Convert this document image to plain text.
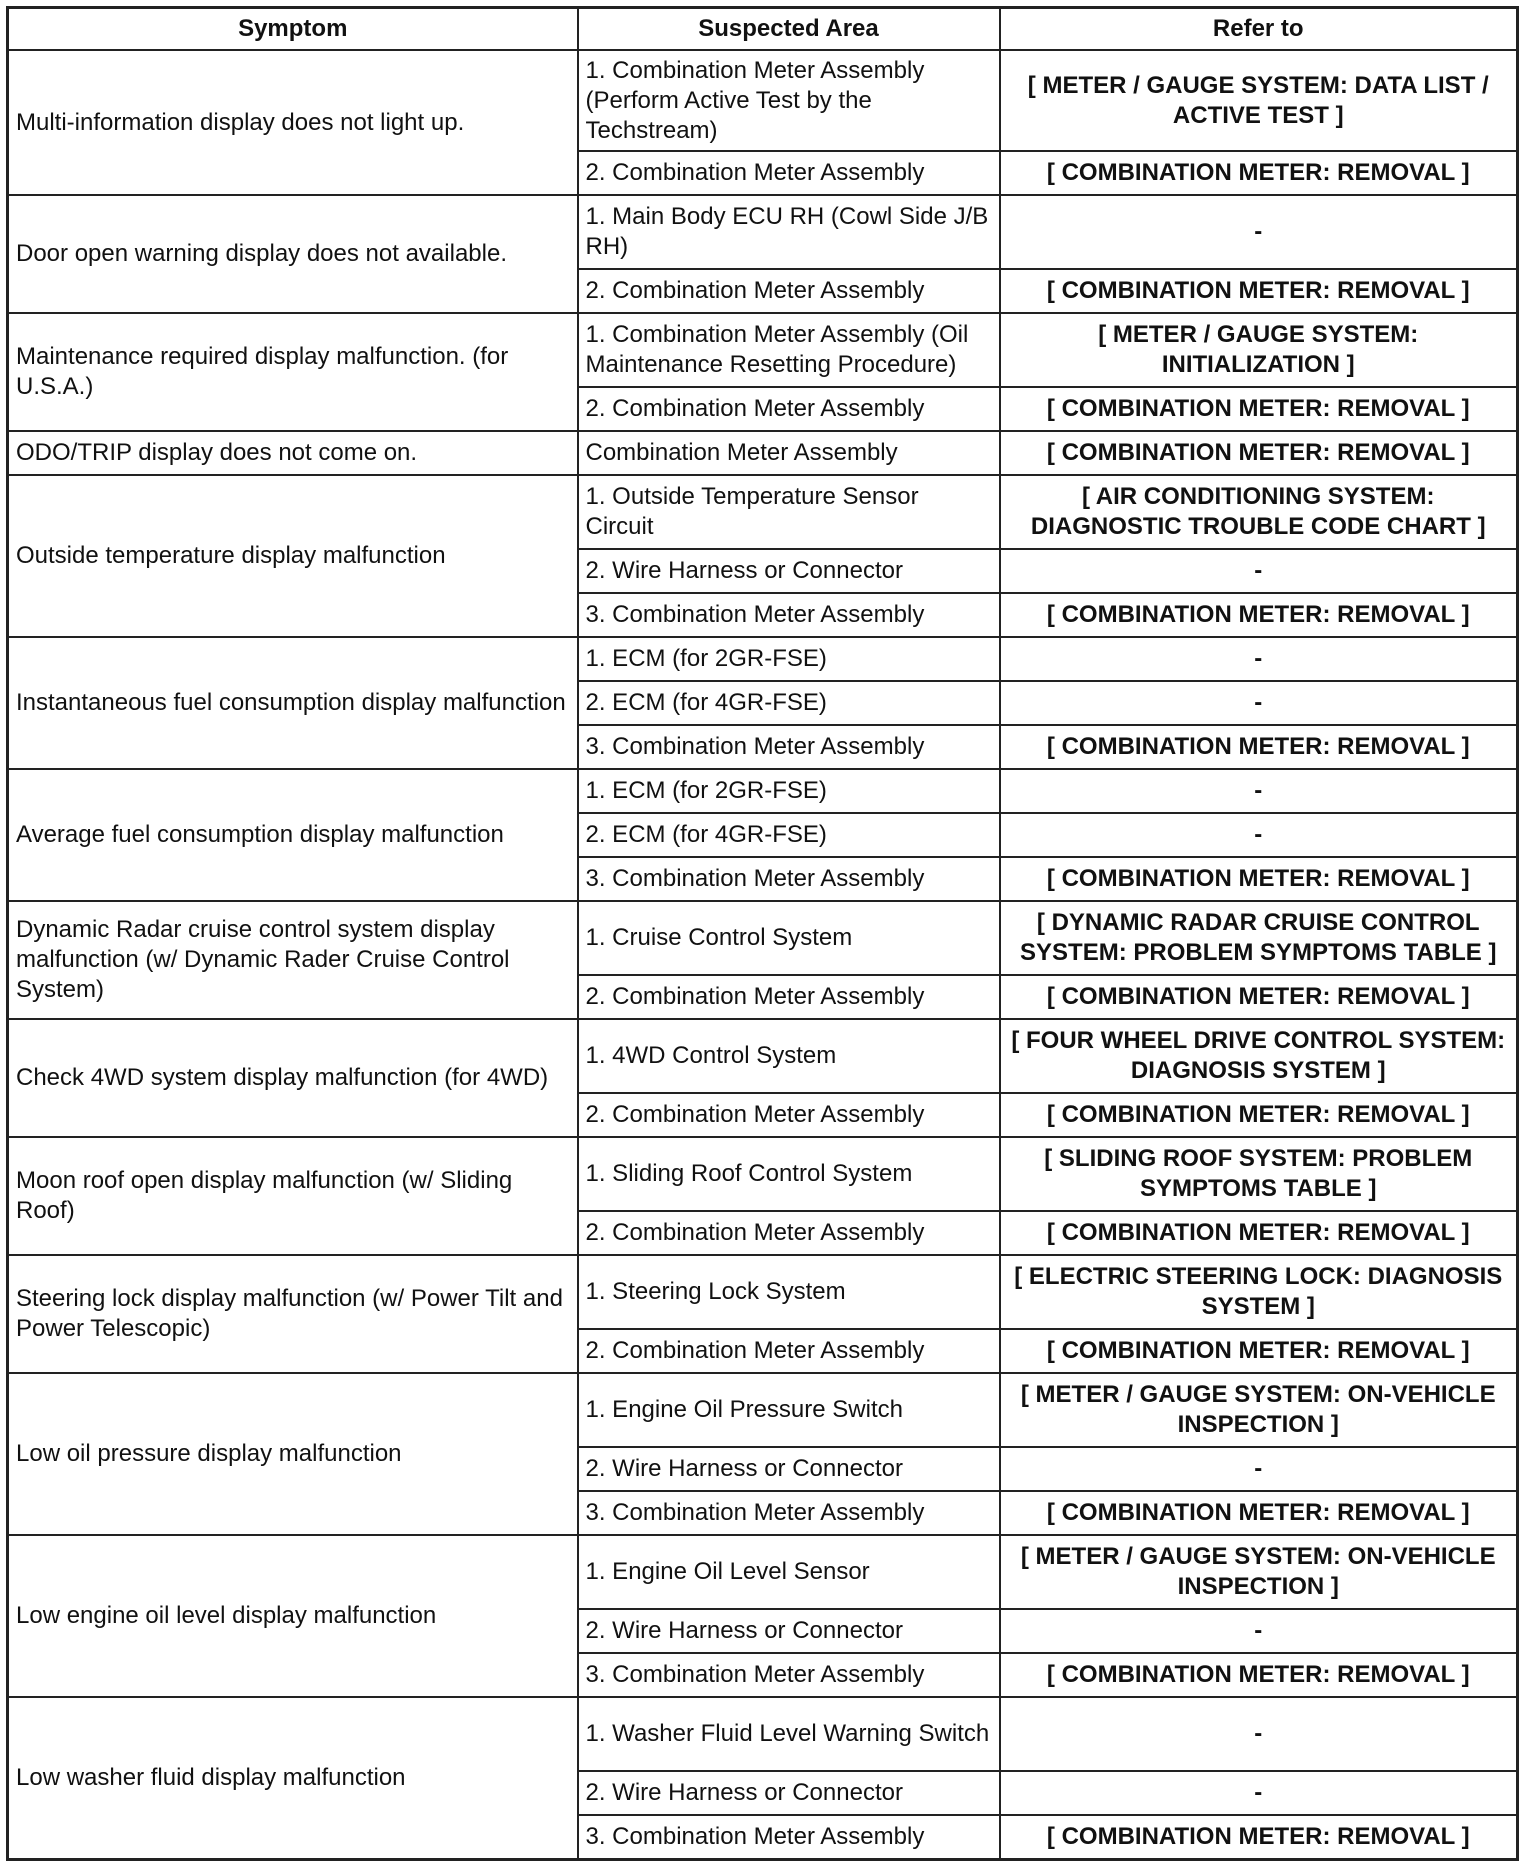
Symptom	Suspected Area	Refer to
Multi-information display does not light up.	1. Combination Meter Assembly (Perform Active Test by the Techstream)	[ METER / GAUGE SYSTEM: DATA LIST / ACTIVE TEST ]
	2. Combination Meter Assembly	[ COMBINATION METER: REMOVAL ]
Door open warning display does not available.	1. Main Body ECU RH (Cowl Side J/B RH)	-
	2. Combination Meter Assembly	[ COMBINATION METER: REMOVAL ]
Maintenance required display malfunction. (for U.S.A.)	1. Combination Meter Assembly (Oil Maintenance Resetting Procedure)	[ METER / GAUGE SYSTEM: INITIALIZATION ]
	2. Combination Meter Assembly	[ COMBINATION METER: REMOVAL ]
ODO/TRIP display does not come on.	Combination Meter Assembly	[ COMBINATION METER: REMOVAL ]
Outside temperature display malfunction	1. Outside Temperature Sensor Circuit	[ AIR CONDITIONING SYSTEM: DIAGNOSTIC TROUBLE CODE CHART ]
	2. Wire Harness or Connector	-
	3. Combination Meter Assembly	[ COMBINATION METER: REMOVAL ]
Instantaneous fuel consumption display malfunction	1. ECM (for 2GR-FSE)	-
	2. ECM (for 4GR-FSE)	-
	3. Combination Meter Assembly	[ COMBINATION METER: REMOVAL ]
Average fuel consumption display malfunction	1. ECM (for 2GR-FSE)	-
	2. ECM (for 4GR-FSE)	-
	3. Combination Meter Assembly	[ COMBINATION METER: REMOVAL ]
Dynamic Radar cruise control system display malfunction (w/ Dynamic Rader Cruise Control System)	1. Cruise Control System	[ DYNAMIC RADAR CRUISE CONTROL SYSTEM: PROBLEM SYMPTOMS TABLE ]
	2. Combination Meter Assembly	[ COMBINATION METER: REMOVAL ]
Check 4WD system display malfunction (for 4WD)	1. 4WD Control System	[ FOUR WHEEL DRIVE CONTROL SYSTEM: DIAGNOSIS SYSTEM ]
	2. Combination Meter Assembly	[ COMBINATION METER: REMOVAL ]
Moon roof open display malfunction (w/ Sliding Roof)	1. Sliding Roof Control System	[ SLIDING ROOF SYSTEM: PROBLEM SYMPTOMS TABLE ]
	2. Combination Meter Assembly	[ COMBINATION METER: REMOVAL ]
Steering lock display malfunction (w/ Power Tilt and Power Telescopic)	1. Steering Lock System	[ ELECTRIC STEERING LOCK: DIAGNOSIS SYSTEM ]
	2. Combination Meter Assembly	[ COMBINATION METER: REMOVAL ]
Low oil pressure display malfunction	1. Engine Oil Pressure Switch	[ METER / GAUGE SYSTEM: ON-VEHICLE INSPECTION ]
	2. Wire Harness or Connector	-
	3. Combination Meter Assembly	[ COMBINATION METER: REMOVAL ]
Low engine oil level display malfunction	1. Engine Oil Level Sensor	[ METER / GAUGE SYSTEM: ON-VEHICLE INSPECTION ]
	2. Wire Harness or Connector	-
	3. Combination Meter Assembly	[ COMBINATION METER: REMOVAL ]
Low washer fluid display malfunction	1. Washer Fluid Level Warning Switch	-
	2. Wire Harness or Connector	-
	3. Combination Meter Assembly	[ COMBINATION METER: REMOVAL ]
